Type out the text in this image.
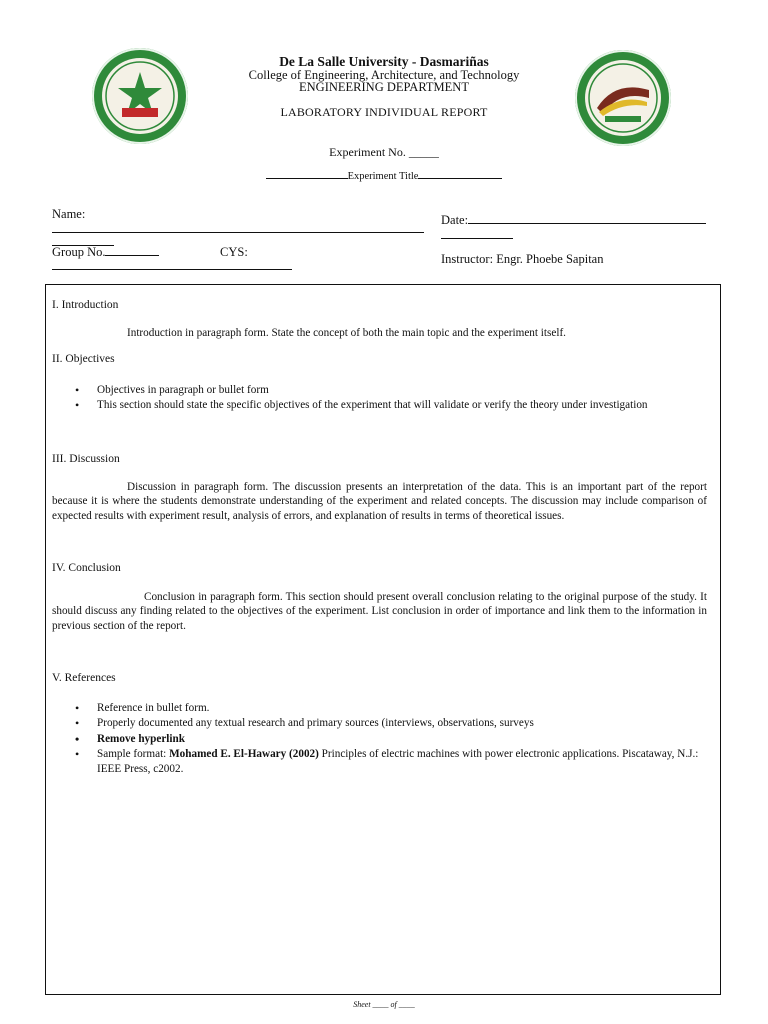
De La Salle University - Dasmariñas
College of Engineering, Architecture, and Technology
ENGINEERING DEPARTMENT
LABORATORY INDIVIDUAL REPORT
Experiment No. _____
Experiment Title
Name:	Date:
Group No.	CYS:	Instructor: Engr. Phoebe Sapitan
I. Introduction
Introduction in paragraph form. State the concept of both the main topic and the experiment itself.
II. Objectives
• Objectives in paragraph or bullet form
• This section should state the specific objectives of the experiment that will validate or verify the theory under investigation
III. Discussion
Discussion in paragraph form. The discussion presents an interpretation of the data. This is an important part of the report because it is where the students demonstrate understanding of the experiment and related concepts. The discussion may include comparison of expected results with experiment result, analysis of errors, and explanation of results in terms of theoretical issues.
IV. Conclusion
Conclusion in paragraph form. This section should present overall conclusion relating to the original purpose of the study. It should discuss any finding related to the objectives of the experiment. List conclusion in order of importance and link them to the information in previous section of the report.
V. References
• Reference in bullet form.
• Properly documented any textual research and primary sources (interviews, observations, surveys
• Remove hyperlink
• Sample format: Mohamed E. El-Hawary (2002) Principles of electric machines with power electronic applications. Piscataway, N.J.: IEEE Press, c2002.
Sheet ____ of ____
